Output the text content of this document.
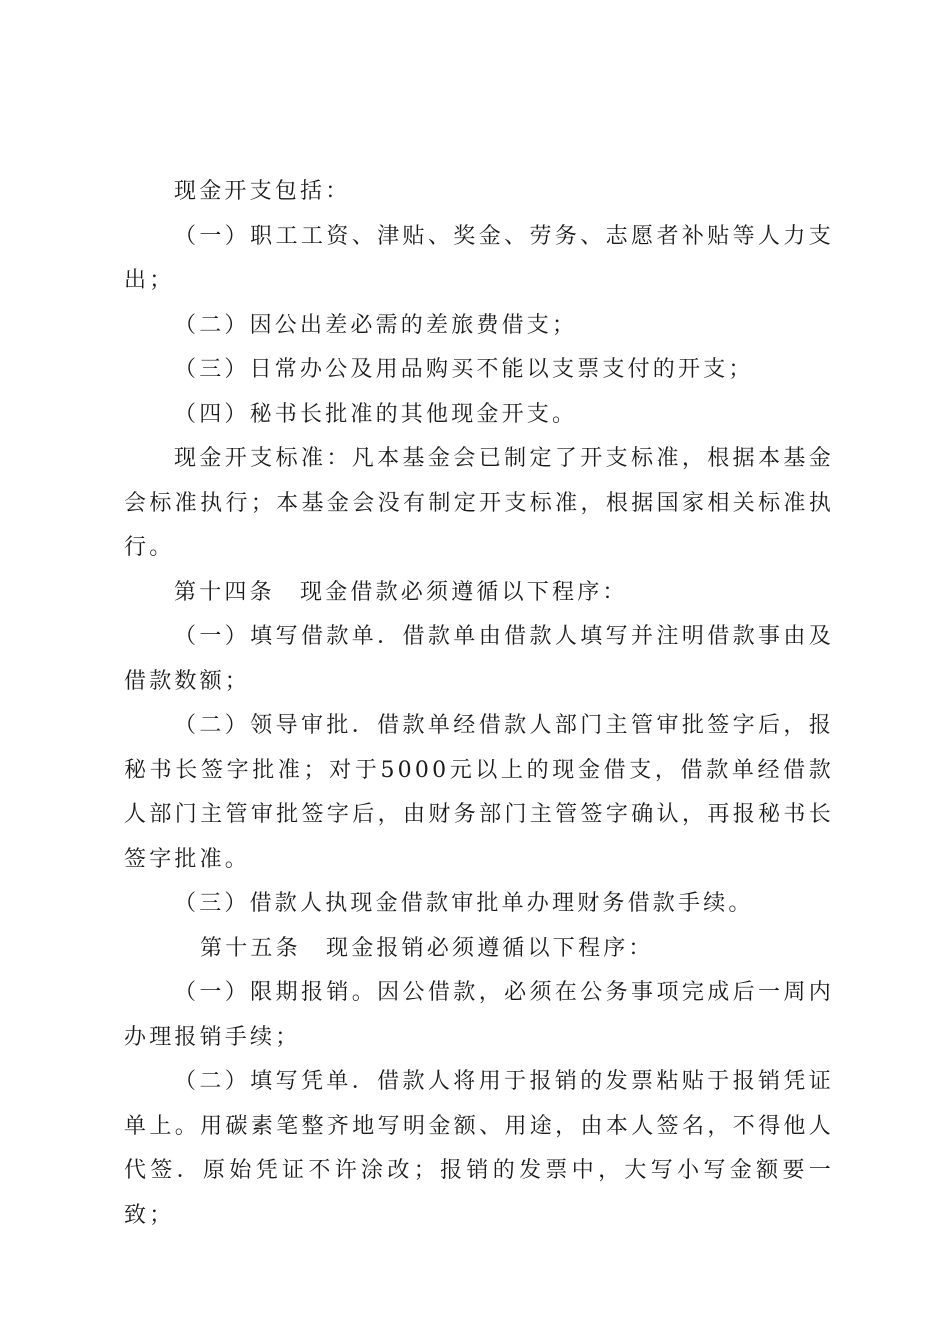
现金开支包括：

（一）职工工资、津贴、奖金、劳务、志愿者补贴等人力支出；

（二）因公出差必需的差旅费借支；

（三）日常办公及用品购买不能以支票支付的开支；

（四）秘书长批准的其他现金开支。

现金开支标准：凡本基金会已制定了开支标准，根据本基金会标准执行；本基金会没有制定开支标准，根据国家相关标准执行。

第十四条　现金借款必须遵循以下程序：

（一）填写借款单．借款单由借款人填写并注明借款事由及借款数额；

（二）领导审批．借款单经借款人部门主管审批签字后，报秘书长签字批准；对于5000元以上的现金借支，借款单经借款人部门主管审批签字后，由财务部门主管签字确认，再报秘书长签字批准。

（三）借款人执现金借款审批单办理财务借款手续。

第十五条　现金报销必须遵循以下程序：

（一）限期报销。因公借款，必须在公务事项完成后一周内办理报销手续；

（二）填写凭单．借款人将用于报销的发票粘贴于报销凭证单上。用碳素笔整齐地写明金额、用途，由本人签名，不得他人代签．原始凭证不许涂改；报销的发票中，大写小写金额要一致；
